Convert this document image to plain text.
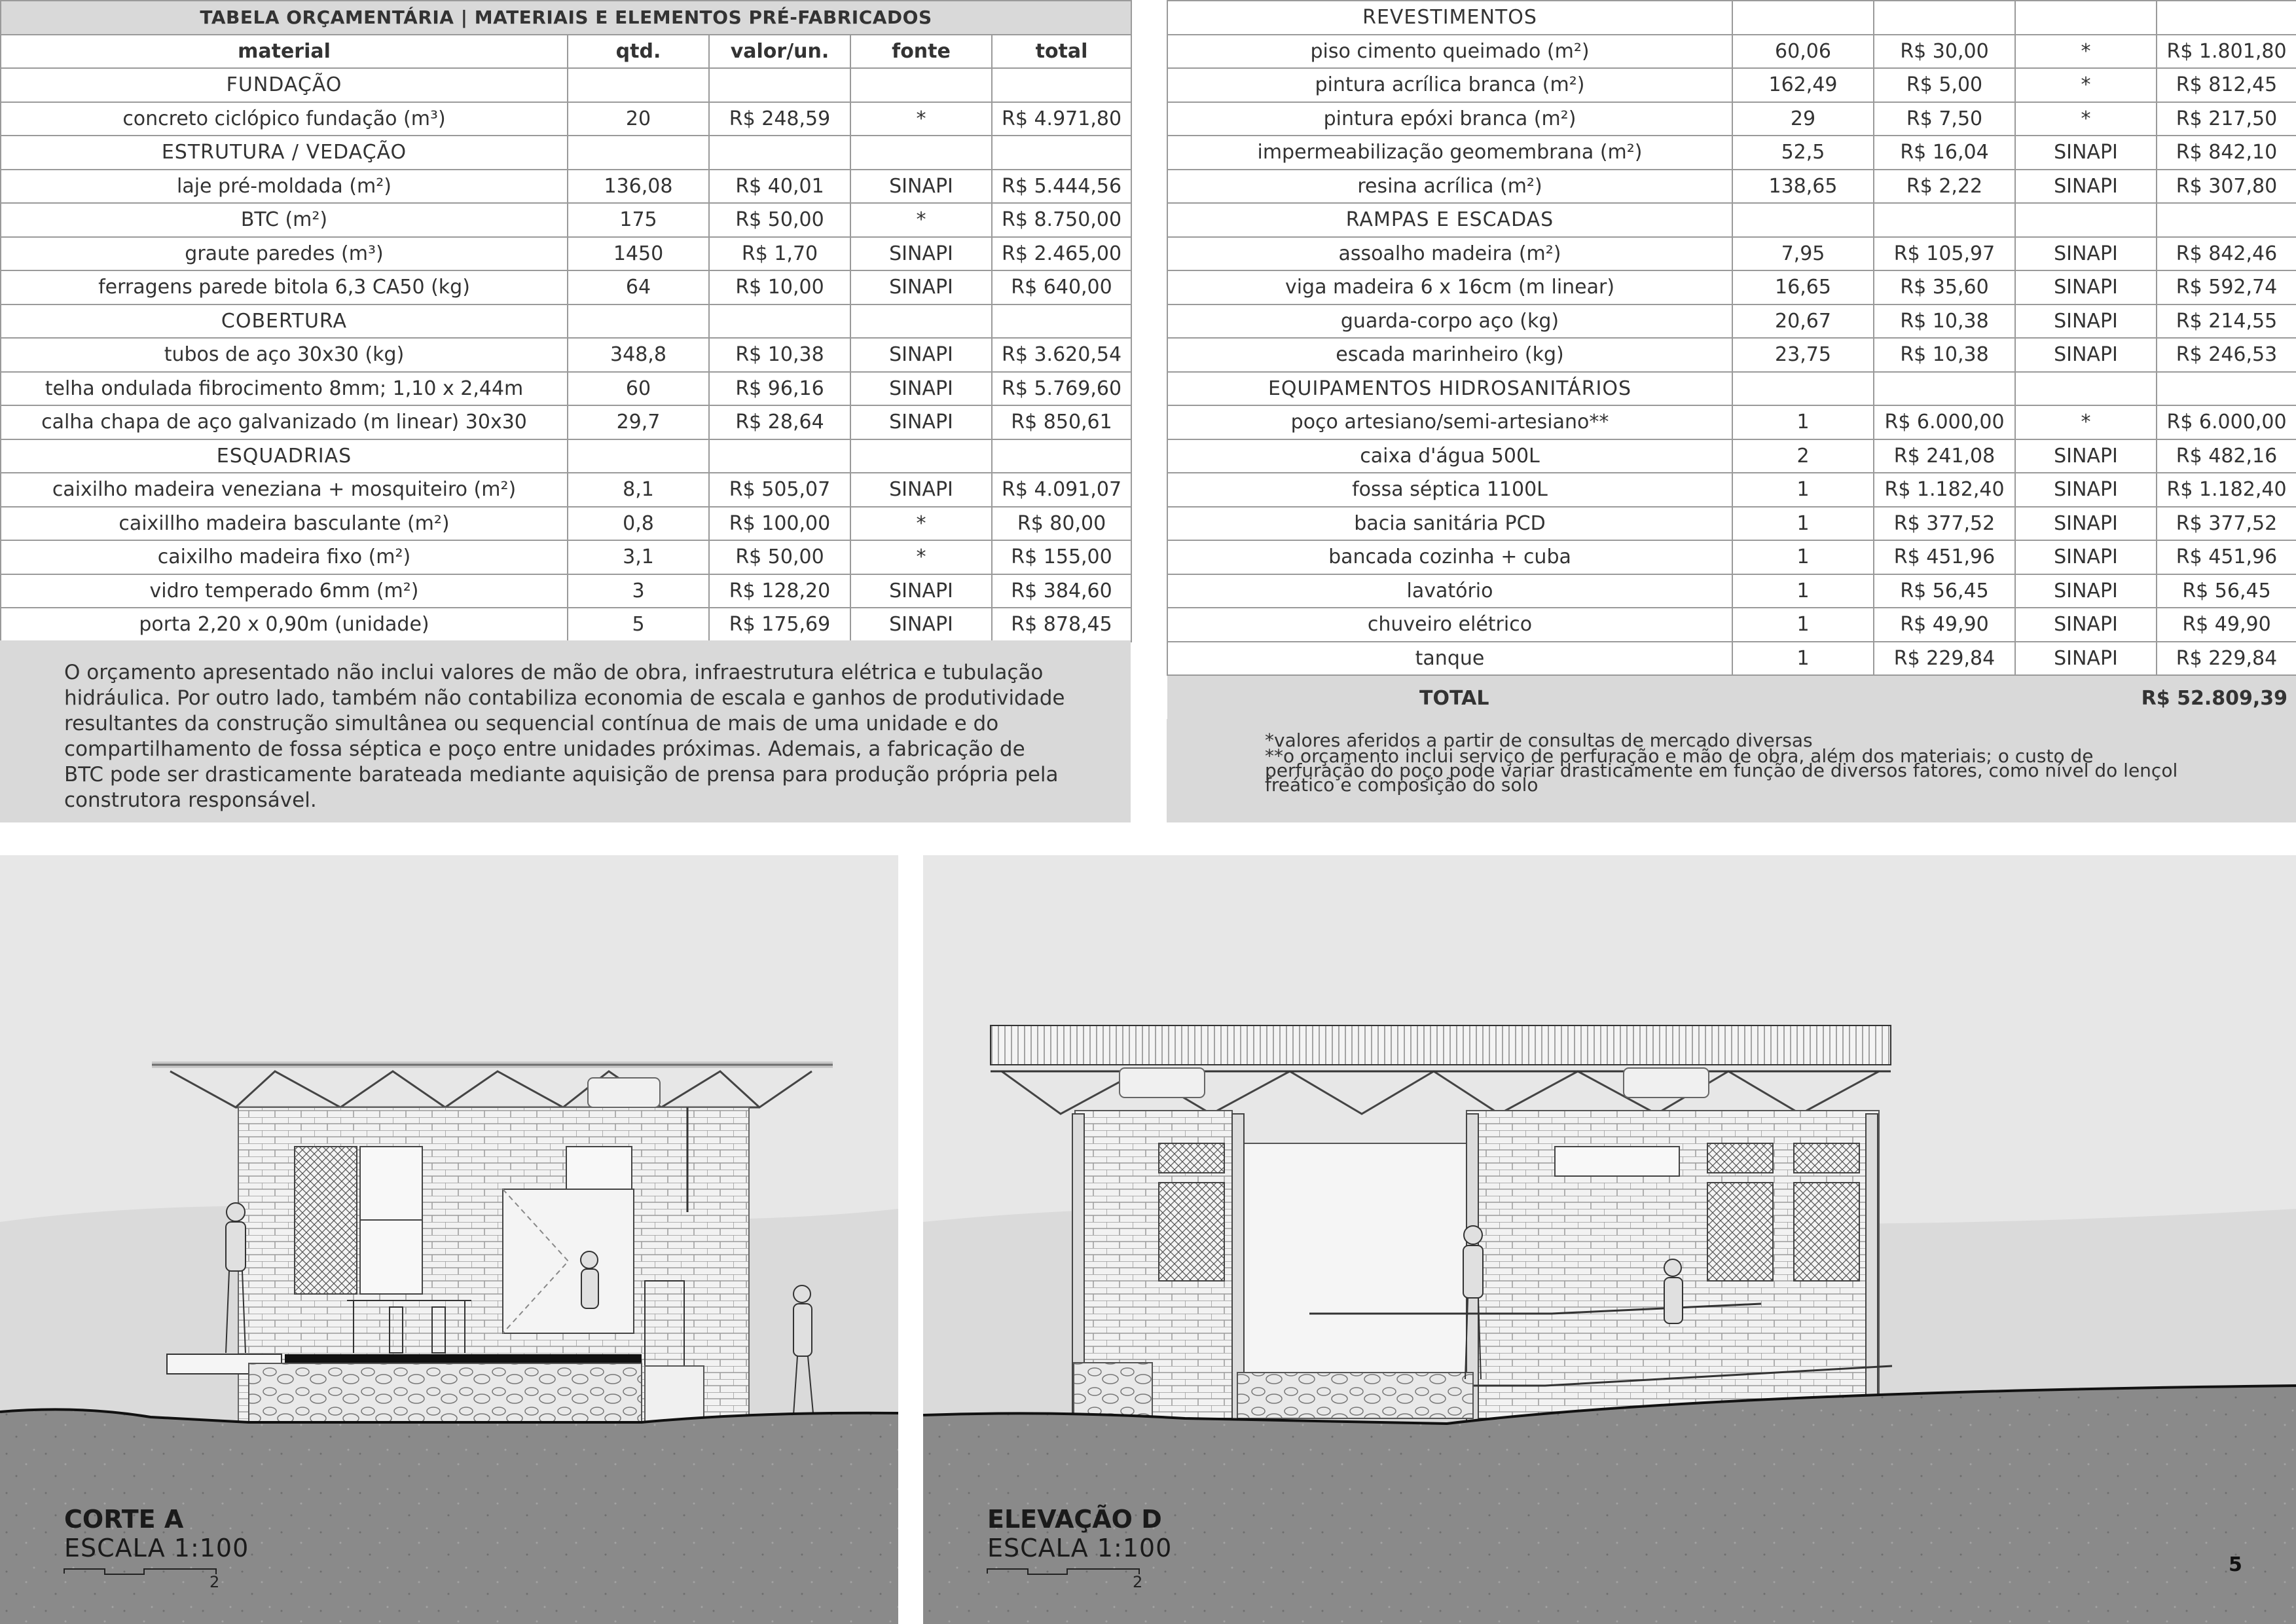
TABELA ORÇAMENTÁRIA | MATERIAIS E ELEMENTOS PRÉ-FABRICADOS				
material	qtd.	valor/un.	fonte	total
FUNDAÇÃO				
concreto ciclópico fundação (m³)	20	R$ 248,59	*	R$ 4.971,80
ESTRUTURA / VEDAÇÃO				
laje pré-moldada (m²)	136,08	R$ 40,01	SINAPI	R$ 5.444,56
BTC (m²)	175	R$ 50,00	*	R$ 8.750,00
graute paredes (m³)	1450	R$ 1,70	SINAPI	R$ 2.465,00
ferragens parede bitola 6,3 CA50 (kg)	64	R$ 10,00	SINAPI	R$ 640,00
COBERTURA				
tubos de aço 30x30 (kg)	348,8	R$ 10,38	SINAPI	R$ 3.620,54
telha ondulada fibrocimento 8mm; 1,10 x 2,44m	60	R$ 96,16	SINAPI	R$ 5.769,60
calha chapa de aço galvanizado (m linear) 30x30	29,7	R$ 28,64	SINAPI	R$ 850,61
ESQUADRIAS				
caixilho madeira veneziana + mosquiteiro (m²)	8,1	R$ 505,07	SINAPI	R$ 4.091,07
caixillho madeira basculante (m²)	0,8	R$ 100,00	*	R$ 80,00
caixilho madeira fixo (m²)	3,1	R$ 50,00	*	R$ 155,00
vidro temperado 6mm (m²)	3	R$ 128,20	SINAPI	R$ 384,60
porta 2,20 x 0,90m (unidade)	5	R$ 175,69	SINAPI	R$ 878,45
O orçamento apresentado não inclui valores de mão de obra, infraestrutura elétrica e tubulação hidráulica. Por outro lado, também não contabiliza economia de escala e ganhos de produtividade resultantes da construção simultânea ou sequencial contínua de mais de uma unidade e do compartilhamento de fossa séptica e poço entre unidades próximas. Ademais, a fabricação de BTC pode ser drasticamente barateada mediante aquisição de prensa para produção própria pela construtora responsável.
REVESTIMENTOS				
piso cimento queimado (m²)	60,06	R$ 30,00	*	R$ 1.801,80
pintura acrílica branca (m²)	162,49	R$ 5,00	*	R$ 812,45
pintura epóxi branca (m²)	29	R$ 7,50	*	R$ 217,50
impermeabilização geomembrana (m²)	52,5	R$ 16,04	SINAPI	R$ 842,10
resina acrílica (m²)	138,65	R$ 2,22	SINAPI	R$ 307,80
RAMPAS E ESCADAS				
assoalho madeira (m²)	7,95	R$ 105,97	SINAPI	R$ 842,46
viga madeira 6 x 16cm (m linear)	16,65	R$ 35,60	SINAPI	R$ 592,74
guarda-corpo aço (kg)	20,67	R$ 10,38	SINAPI	R$ 214,55
escada marinheiro (kg)	23,75	R$ 10,38	SINAPI	R$ 246,53
EQUIPAMENTOS HIDROSANITÁRIOS				
poço artesiano/semi-artesiano**	1	R$ 6.000,00	*	R$ 6.000,00
caixa d'água 500L	2	R$ 241,08	SINAPI	R$ 482,16
fossa séptica 1100L	1	R$ 1.182,40	SINAPI	R$ 1.182,40
bacia sanitária PCD	1	R$ 377,52	SINAPI	R$ 377,52
bancada cozinha + cuba	1	R$ 451,96	SINAPI	R$ 451,96
lavatório	1	R$ 56,45	SINAPI	R$ 56,45
chuveiro elétrico	1	R$ 49,90	SINAPI	R$ 49,90
tanque	1	R$ 229,84	SINAPI	R$ 229,84
TOTAL		R$ 52.809,39		

*valores aferidos a partir de consultas de mercado diversas

**o orçamento inclui serviço de perfuração e mão de obra, além dos materiais; o custo de perfuração do poço pode variar drasticamente em função de diversos fatores, como nível do lençol freático e composição do solo

CORTE A
ESCALA 1:100
2
ELEVAÇÃO D
ESCALA 1:100
2
5
